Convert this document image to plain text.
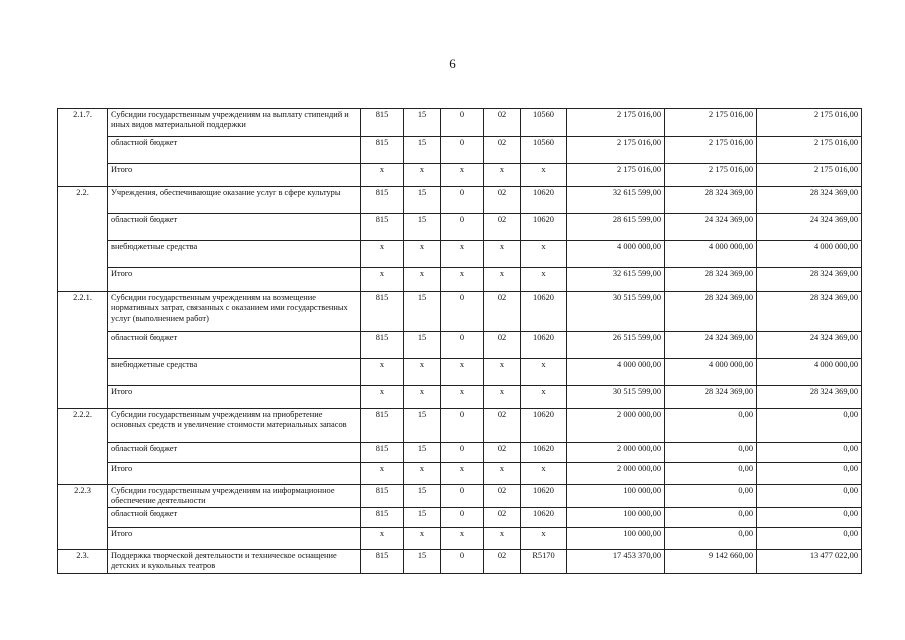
6
2.1.7.	Субсидии государственным учреждениям на выплату стипендий и иных видов материальной поддержки	815	15	0	02	10560	2 175 016,00	2 175 016,00	2 175 016,00
	областной бюджет	815	15	0	02	10560	2 175 016,00	2 175 016,00	2 175 016,00
	Итого	х	х	х	х	х	2 175 016,00	2 175 016,00	2 175 016,00
2.2.	Учреждения, обеспечивающие оказание услуг в сфере культуры	815	15	0	02	10620	32 615 599,00	28 324 369,00	28 324 369,00
	областной бюджет	815	15	0	02	10620	28 615 599,00	24 324 369,00	24 324 369,00
	внебюджетные средства	х	х	х	х	х	4 000 000,00	4 000 000,00	4 000 000,00
	Итого	х	х	х	х	х	32 615 599,00	28 324 369,00	28 324 369,00
2.2.1.	Субсидии государственным учреждениям на возмещение нормативных затрат, связанных с оказанием ими государственных услуг (выполнением работ)	815	15	0	02	10620	30 515 599,00	28 324 369,00	28 324 369,00
	областной бюджет	815	15	0	02	10620	26 515 599,00	24 324 369,00	24 324 369,00
	внебюджетные средства	х	х	х	х	х	4 000 000,00	4 000 000,00	4 000 000,00
	Итого	х	х	х	х	х	30 515 599,00	28 324 369,00	28 324 369,00
2.2.2.	Субсидии государственным учреждениям на приобретение основных средств и увеличение стоимости материальных запасов	815	15	0	02	10620	2 000 000,00	0,00	0,00
	областной бюджет	815	15	0	02	10620	2 000 000,00	0,00	0,00
	Итого	х	х	х	х	х	2 000 000,00	0,00	0,00
2.2.3	Субсидии государственным учреждениям на информационное обеспечение деятельности	815	15	0	02	10620	100 000,00	0,00	0,00
	областной бюджет	815	15	0	02	10620	100 000,00	0,00	0,00
	Итого	х	х	х	х	х	100 000,00	0,00	0,00
2.3.	Поддержка творческой деятельности и техническое оснащение детских и кукольных театров	815	15	0	02	R5170	17 453 370,00	9 142 660,00	13 477 022,00
